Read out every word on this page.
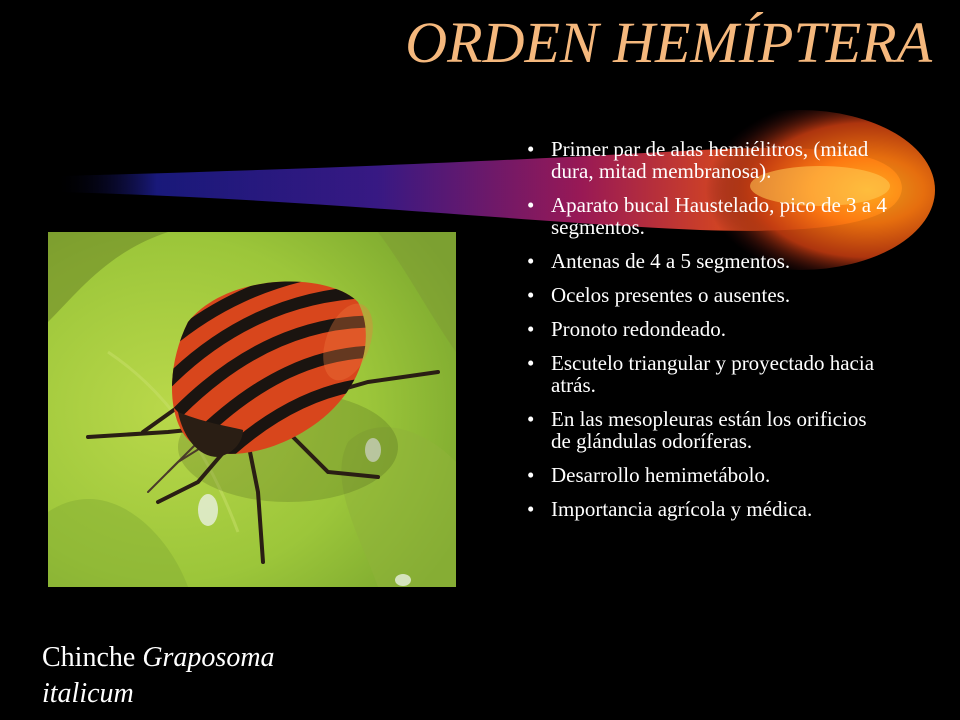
ORDEN HEMÍPTERA
Chinche Graposoma italicum
• Primer par de alas hemiélitros, (mitad dura, mitad membranosa).
• Aparato bucal Haustelado, pico de 3 a 4 segmentos.
• Antenas de 4 a 5 segmentos.
• Ocelos presentes o ausentes.
• Pronoto redondeado.
• Escutelo triangular y proyectado hacia atrás.
• En las mesopleuras están los orificios de glándulas odoríferas.
• Desarrollo hemimetábolo.
• Importancia agrícola y médica.
